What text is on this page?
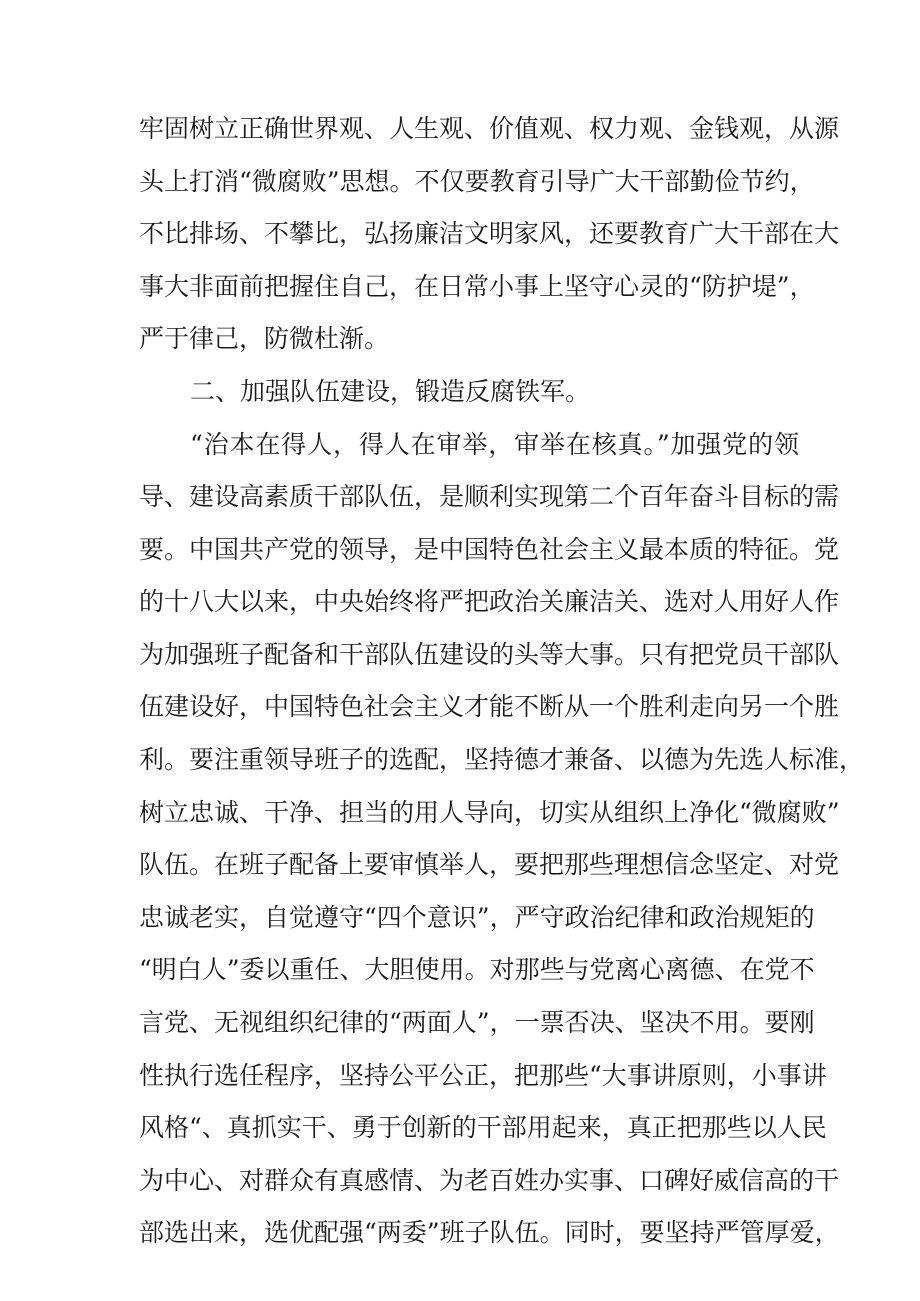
牢固树立正确世界观、人生观、价值观、权力观、金钱观，从源
头上打消“微腐败”思想。不仅要教育引导广大干部勤俭节约，
不比排场、不攀比，弘扬廉洁文明家风，还要教育广大干部在大
事大非面前把握住自己，在日常小事上坚守心灵的“防护堤”，
严于律己，防微杜渐。
二、加强队伍建设，锻造反腐铁军。
“治本在得人，得人在审举，审举在核真。”加强党的领
导、建设高素质干部队伍，是顺利实现第二个百年奋斗目标的需
要。中国共产党的领导，是中国特色社会主义最本质的特征。党
的十八大以来，中央始终将严把政治关廉洁关、选对人用好人作
为加强班子配备和干部队伍建设的头等大事。只有把党员干部队
伍建设好，中国特色社会主义才能不断从一个胜利走向另一个胜
利。要注重领导班子的选配，坚持德才兼备、以德为先选人标准，
树立忠诚、干净、担当的用人导向，切实从组织上净化“微腐败”
队伍。在班子配备上要审慎举人，要把那些理想信念坚定、对党
忠诚老实，自觉遵守“四个意识”，严守政治纪律和政治规矩的
“明白人”委以重任、大胆使用。对那些与党离心离德、在党不
言党、无视组织纪律的“两面人”，一票否决、坚决不用。要刚
性执行选任程序，坚持公平公正，把那些“大事讲原则，小事讲
风格“、真抓实干、勇于创新的干部用起来，真正把那些以人民
为中心、对群众有真感情、为老百姓办实事、口碑好威信高的干
部选出来，选优配强“两委”班子队伍。同时，要坚持严管厚爱，
